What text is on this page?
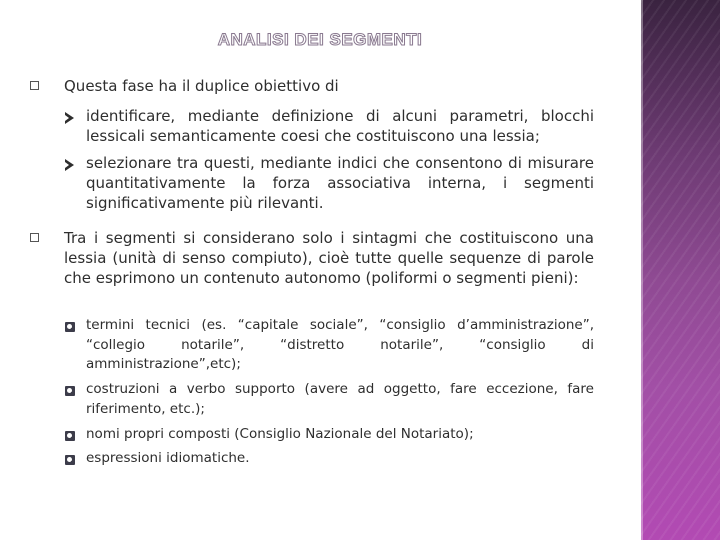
ANALISI DEI SEGMENTI
Questa fase ha il duplice obiettivo di
identificare, mediante definizione di alcuni parametri, blocchi lessicali semanticamente coesi che costituiscono una lessia;
selezionare tra questi, mediante indici che consentono di misurare quantitativamente la forza associativa interna, i segmenti significativamente più rilevanti.
Tra i segmenti si considerano solo i sintagmi che costituiscono una lessia (unità di senso compiuto), cioè tutte quelle sequenze di parole che esprimono un contenuto autonomo (poliformi o segmenti pieni):
termini tecnici (es. “capitale sociale”, “consiglio d’amministrazione”, “collegio notarile”, “distretto notarile”, “consiglio di amministrazione”,etc);
costruzioni a verbo supporto (avere ad oggetto, fare eccezione, fare riferimento, etc.);
nomi propri composti (Consiglio Nazionale del Notariato);
espressioni idiomatiche.
